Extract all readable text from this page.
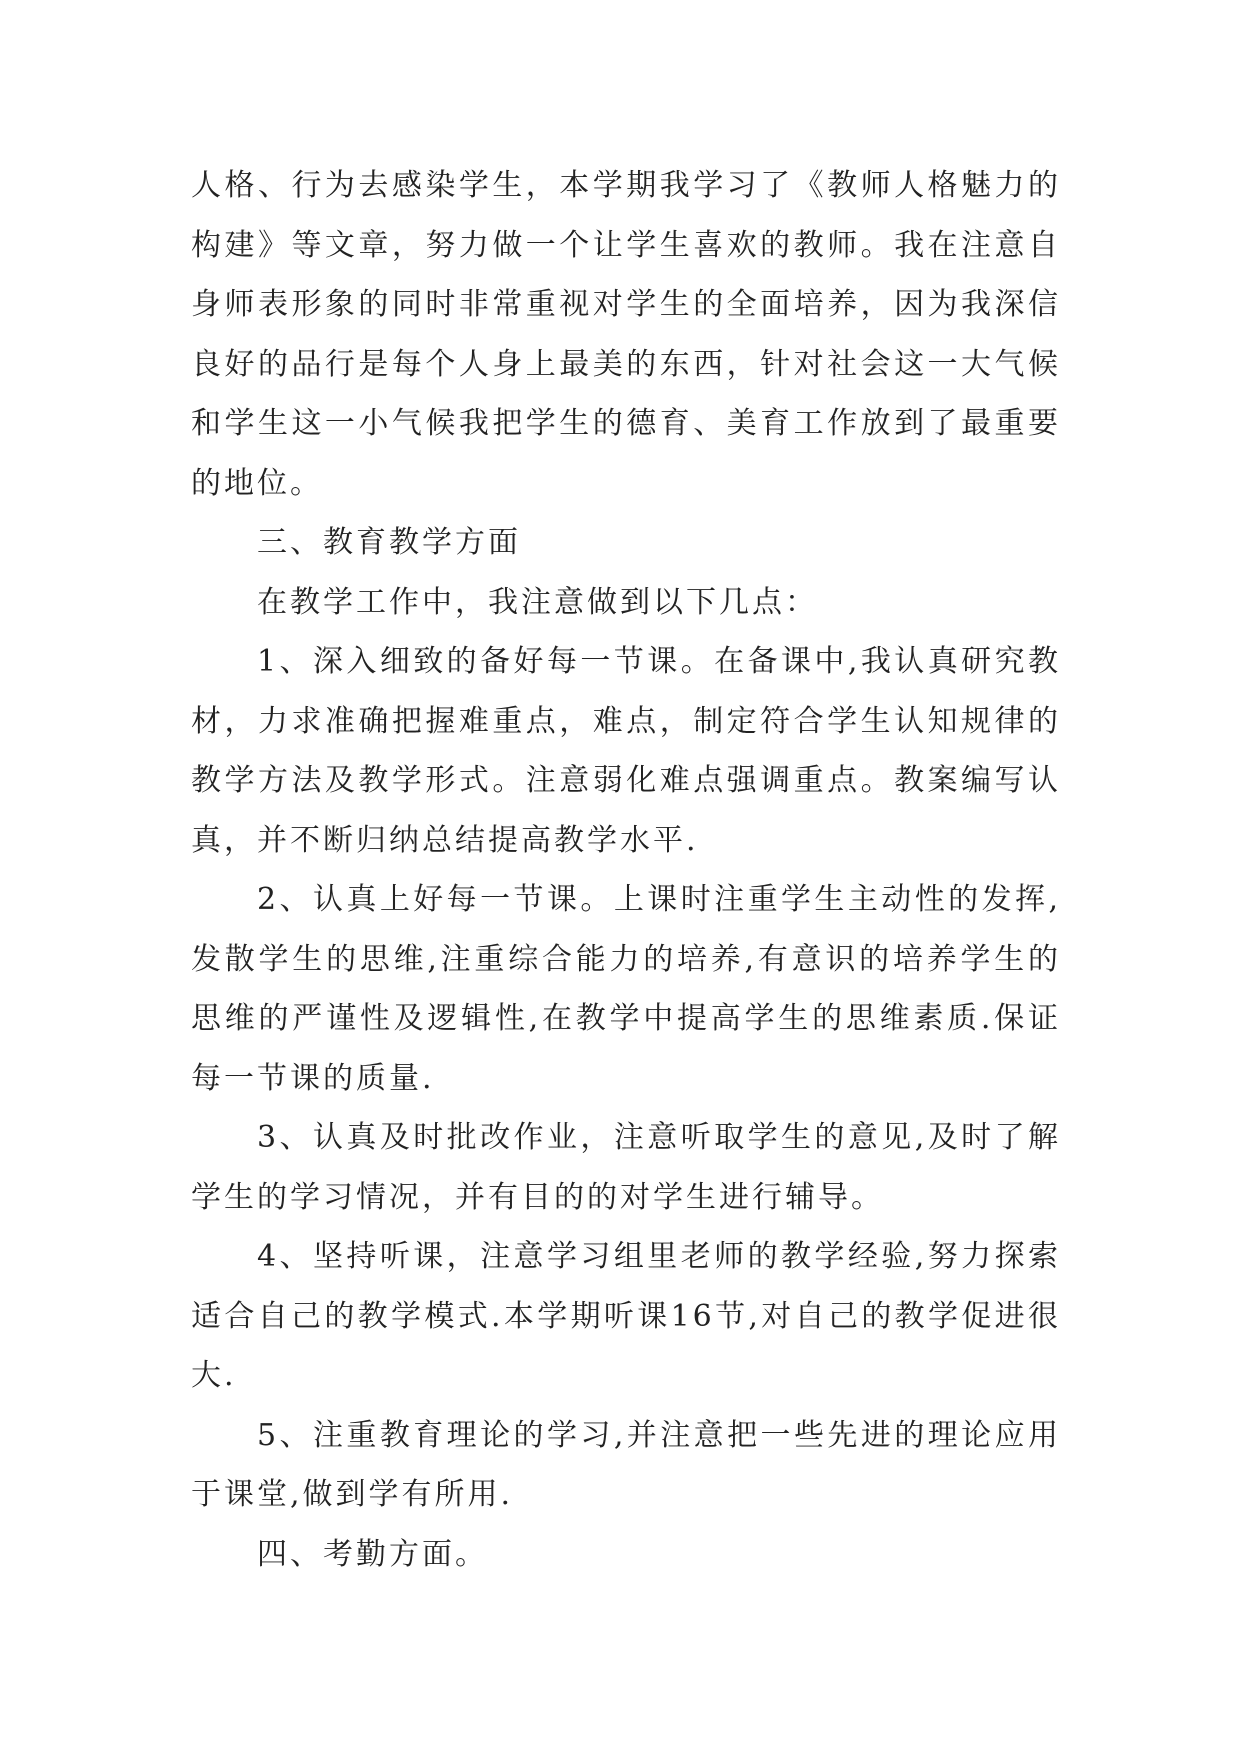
人格、行为去感染学生，本学期我学习了《教师人格魅力的构建》等文章，努力做一个让学生喜欢的教师。我在注意自身师表形象的同时非常重视对学生的全面培养，因为我深信良好的品行是每个人身上最美的东西，针对社会这一大气候和学生这一小气候我把学生的德育、美育工作放到了最重要的地位。

三、教育教学方面

在教学工作中，我注意做到以下几点：

1、深入细致的备好每一节课。在备课中,我认真研究教材，力求准确把握难重点，难点，制定符合学生认知规律的教学方法及教学形式。注意弱化难点强调重点。教案编写认真，并不断归纳总结提高教学水平.

2、认真上好每一节课。上课时注重学生主动性的发挥,发散学生的思维,注重综合能力的培养,有意识的培养学生的思维的严谨性及逻辑性,在教学中提高学生的思维素质.保证每一节课的质量.

3、认真及时批改作业，注意听取学生的意见,及时了解学生的学习情况，并有目的的对学生进行辅导。

4、坚持听课，注意学习组里老师的教学经验,努力探索适合自己的教学模式.本学期听课16节,对自己的教学促进很大.

5、注重教育理论的学习,并注意把一些先进的理论应用于课堂,做到学有所用.

四、考勤方面。
